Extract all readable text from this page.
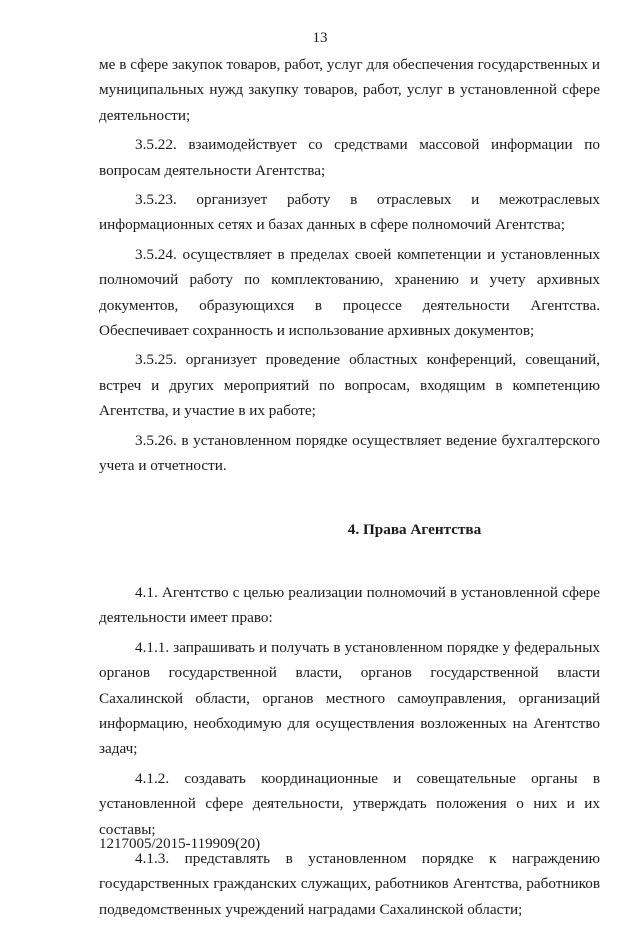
13

ме в сфере закупок товаров, работ, услуг для обеспечения государственных и муниципальных нужд закупку товаров, работ, услуг в установленной сфере деятельности;

3.5.22. взаимодействует со средствами массовой информации по вопросам деятельности Агентства;

3.5.23. организует работу в отраслевых и межотраслевых информационных сетях и базах данных в сфере полномочий Агентства;

3.5.24. осуществляет в пределах своей компетенции и установленных полномочий работу по комплектованию, хранению и учету архивных документов, образующихся в процессе деятельности Агентства. Обеспечивает сохранность и использование архивных документов;

3.5.25. организует проведение областных конференций, совещаний, встреч и других мероприятий по вопросам, входящим в компетенцию Агентства, и участие в их работе;

3.5.26. в установленном порядке осуществляет ведение бухгалтерского учета и отчетности.

4. Права Агентства

4.1. Агентство с целью реализации полномочий в установленной сфере деятельности имеет право:

4.1.1. запрашивать и получать в установленном порядке у федеральных органов государственной власти, органов государственной власти Сахалинской области, органов местного самоуправления, организаций информацию, необходимую для осуществления возложенных на Агентство задач;

4.1.2. создавать координационные и совещательные органы в установленной сфере деятельности, утверждать положения о них и их составы;

4.1.3. представлять в установленном порядке к награждению государственных гражданских служащих, работников Агентства, работников подведомственных учреждений наградами Сахалинской области;

1217005/2015-119909(20)
